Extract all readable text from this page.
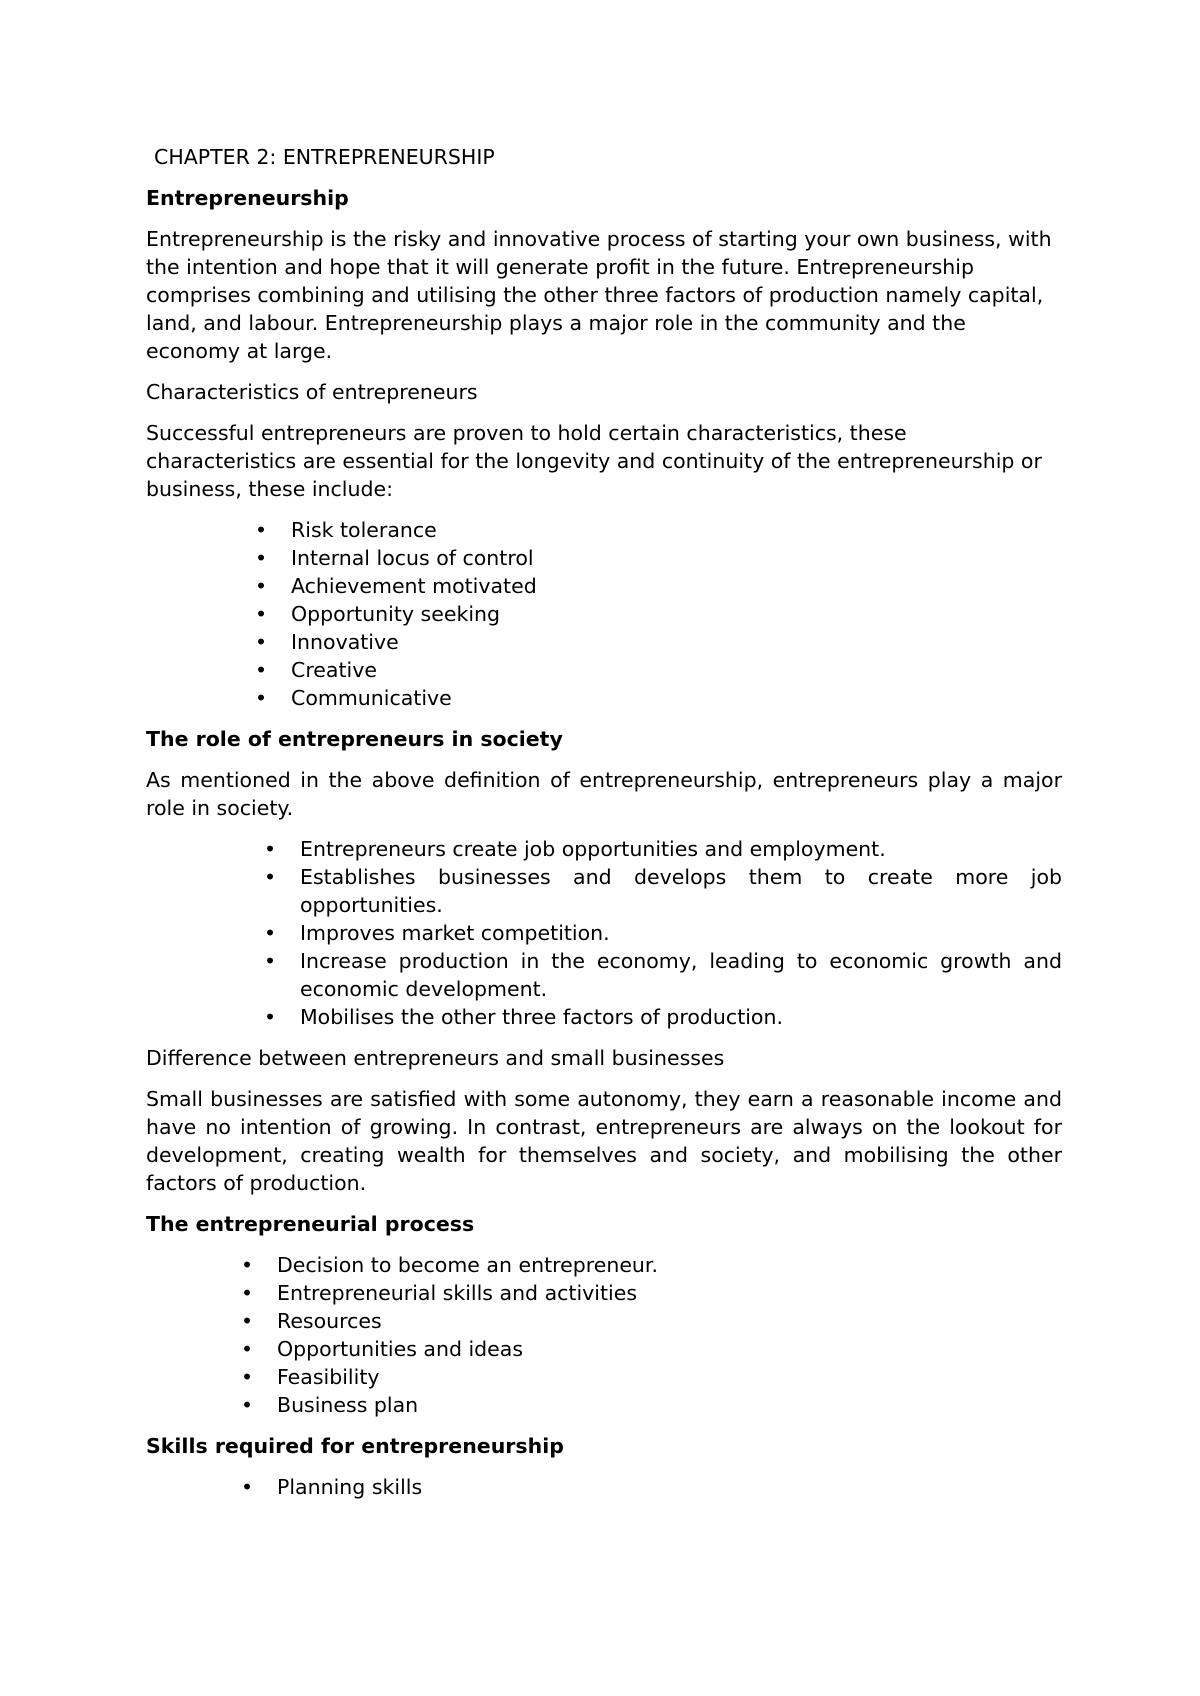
CHAPTER 2: ENTREPRENEURSHIP
Entrepreneurship

Entrepreneurship is the risky and innovative process of starting your own business, with the intention and hope that it will generate profit in the future. Entrepreneurship comprises combining and utilising the other three factors of production namely capital, land, and labour. Entrepreneurship plays a major role in the community and the economy at large.

Characteristics of entrepreneurs

Successful entrepreneurs are proven to hold certain characteristics, these characteristics are essential for the longevity and continuity of the entrepreneurship or business, these include:

•	Risk tolerance
•	Internal locus of control
•	Achievement motivated
•	Opportunity seeking
•	Innovative
•	Creative
•	Communicative
The role of entrepreneurs in society

As mentioned in the above definition of entrepreneurship, entrepreneurs play a major role in society.

•	Entrepreneurs create job opportunities and employment.
•	Establishes businesses and develops them to create more job opportunities.
•	Improves market competition.
•	Increase production in the economy, leading to economic growth and economic development.
•	Mobilises the other three factors of production.
Difference between entrepreneurs and small businesses

Small businesses are satisfied with some autonomy, they earn a reasonable income and have no intention of growing. In contrast, entrepreneurs are always on the lookout for development, creating wealth for themselves and society, and mobilising the other factors of production.

The entrepreneurial process
•	Decision to become an entrepreneur.
•	Entrepreneurial skills and activities
•	Resources
•	Opportunities and ideas
•	Feasibility
•	Business plan
Skills required for entrepreneurship
•	Planning skills
